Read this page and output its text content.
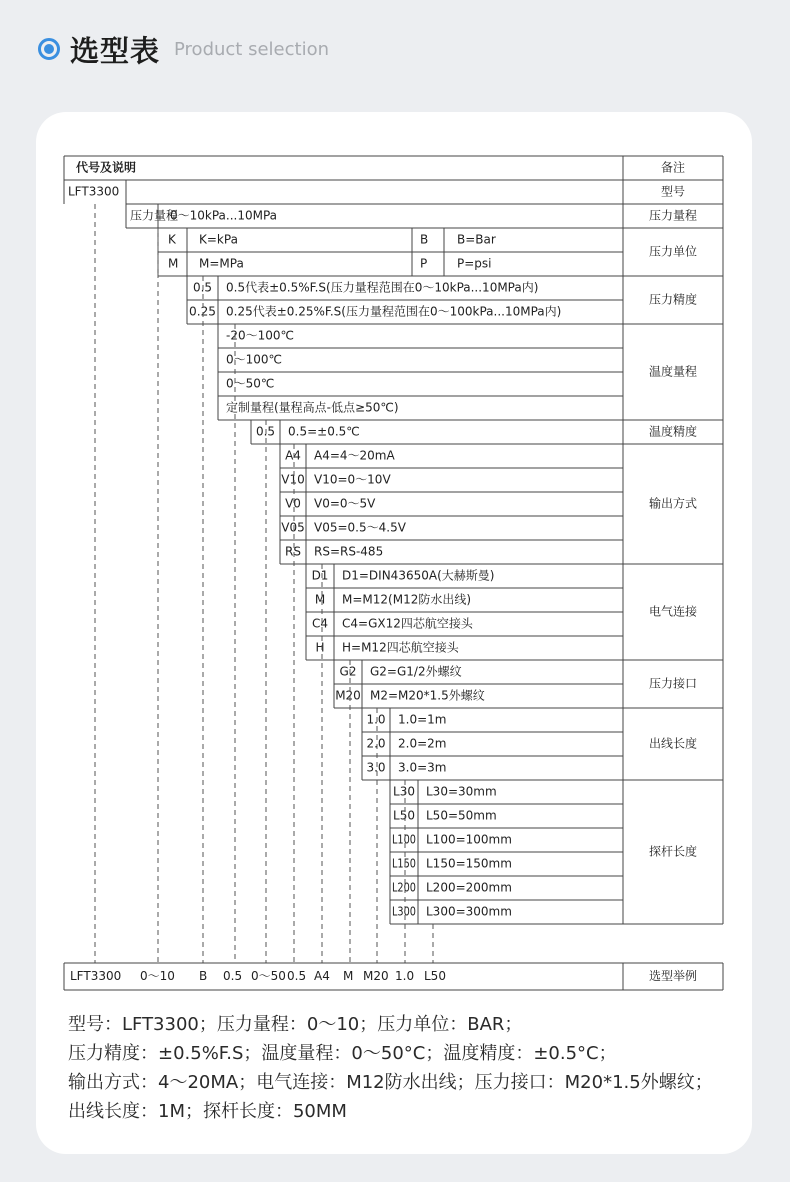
选型表 Product selection
代号及说明	备注
LFT3300	型号
压力量程
0～10kPa...10MPa	压力量程
K K=kPa	B B=Bar
M M=MPa	P P=psi
压力单位
0.5 0.5代表±0.5%F.S(压力量程范围在0～10kPa...10MPa内)
0.25 0.25代表±0.25%F.S(压力量程范围在0～100kPa...10MPa内)
压力精度
-20～100℃
0～100℃
0～50℃
定制量程(量程高点-低点≥50℃)
温度量程
0.5 0.5=±0.5℃	温度精度
A4 A4=4～20mA
V10 V10=0～10V
V0 V0=0～5V
V05 V05=0.5～4.5V
RS RS=RS-485
输出方式
D1 D1=DIN43650A(大赫斯曼)
M M=M12(M12防水出线)
C4 C4=GX12四芯航空接头
H H=M12四芯航空接头
电气连接
G2 G2=G1/2外螺纹
M20 M2=M20*1.5外螺纹
压力接口
1.0 1.0=1m
2.0 2.0=2m
3.0 3.0=3m
出线长度
L30 L30=30mm
L50 L50=50mm
L100 L100=100mm
L150 L150=150mm
L200 L200=200mm
L300 L300=300mm
探杆长度
LFT3300 0～10 B 0.5 0～50 0.5 A4 M M20 1.0 L50	选型举例
型号：LFT3300；压力量程：0～10；压力单位：BAR；
压力精度：±0.5%F.S；温度量程：0～50°C；温度精度：±0.5°C；
输出方式：4～20MA；电气连接：M12防水出线；压力接口：M20*1.5外螺纹；
出线长度：1M；探杆长度：50MM
